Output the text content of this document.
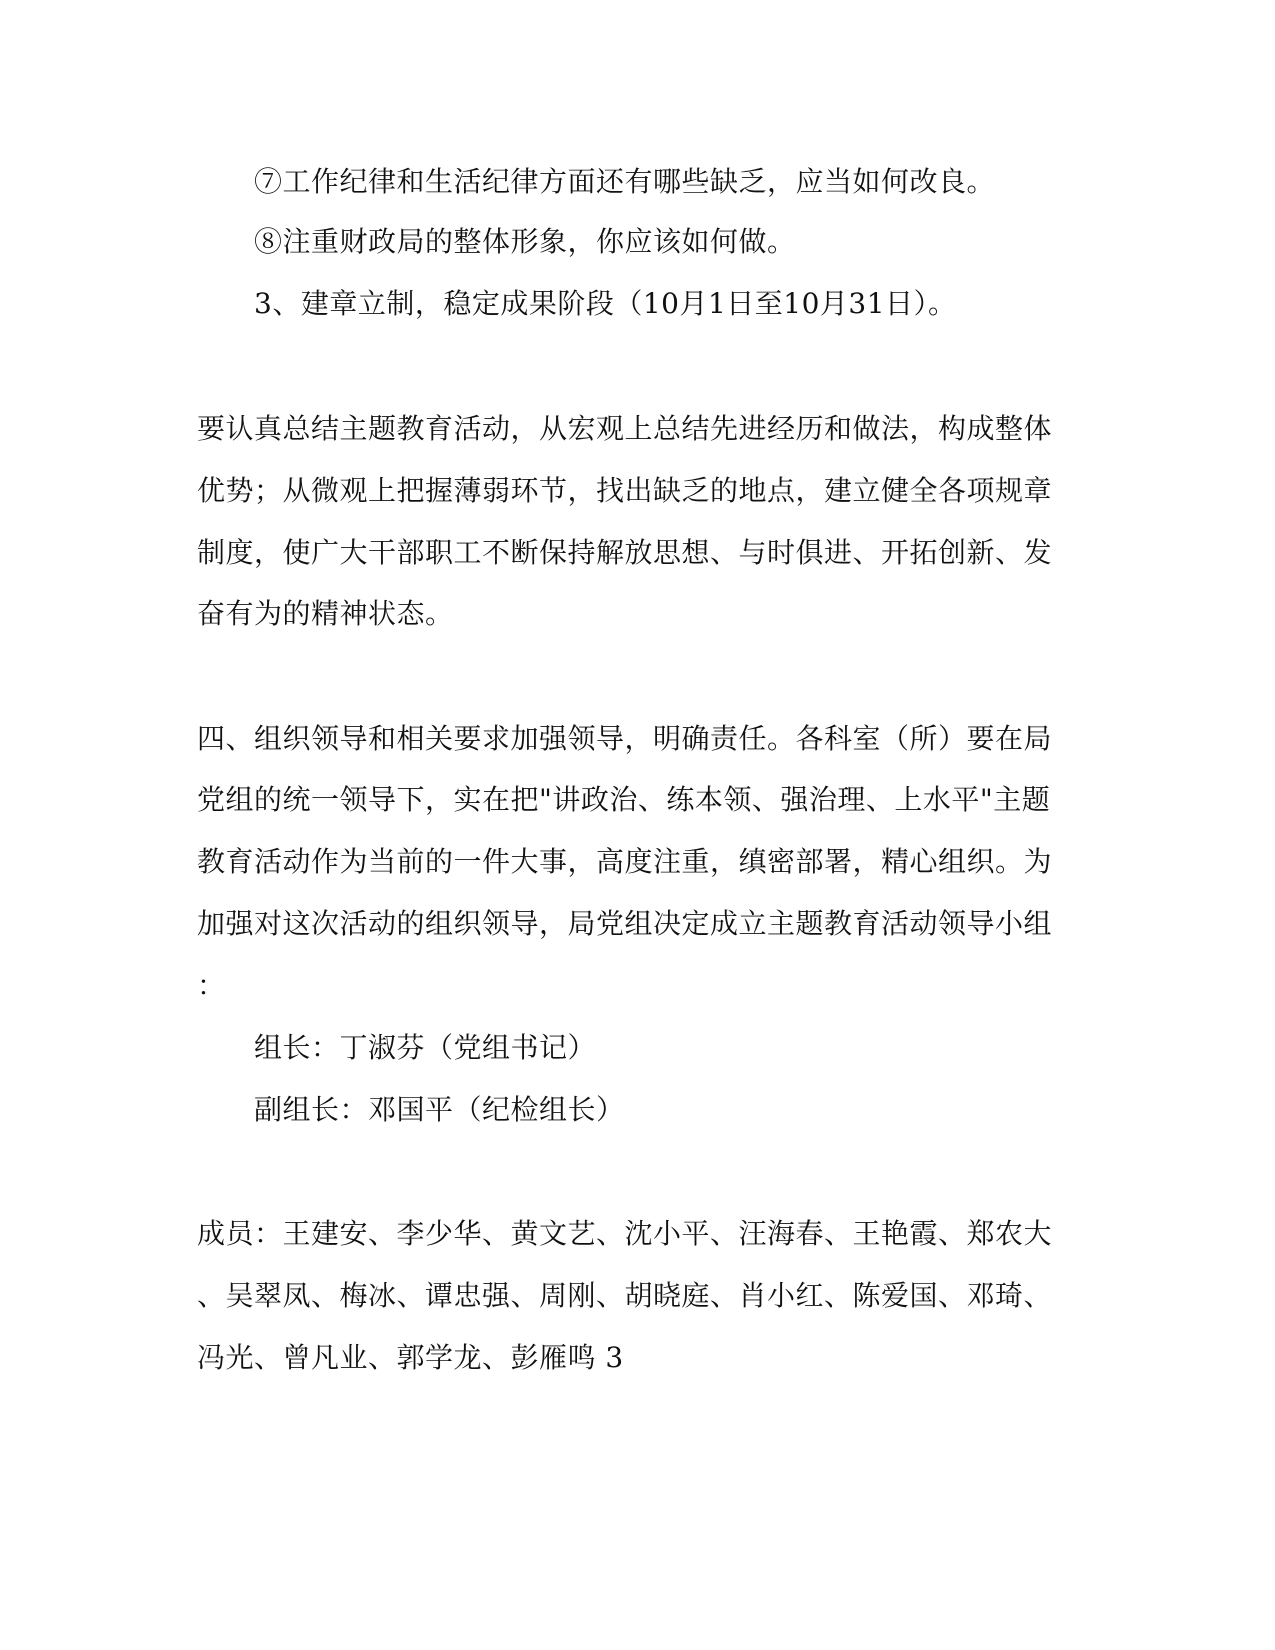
⑦工作纪律和生活纪律方面还有哪些缺乏，应当如何改良。
⑧注重财政局的整体形象，你应该如何做。
3、建章立制，稳定成果阶段（10月1日至10月31日）。
要认真总结主题教育活动，从宏观上总结先进经历和做法，构成整体
优势；从微观上把握薄弱环节，找出缺乏的地点，建立健全各项规章
制度，使广大干部职工不断保持解放思想、与时俱进、开拓创新、发
奋有为的精神状态。
四、组织领导和相关要求加强领导，明确责任。各科室（所）要在局
党组的统一领导下，实在把"讲政治、练本领、强治理、上水平"主题
教育活动作为当前的一件大事，高度注重，缜密部署，精心组织。为
加强对这次活动的组织领导，局党组决定成立主题教育活动领导小组
：
组长：丁淑芬（党组书记）
副组长：邓国平（纪检组长）
成员：王建安、李少华、黄文艺、沈小平、汪海春、王艳霞、郑农大
、吴翠凤、梅冰、谭忠强、周刚、胡晓庭、肖小红、陈爱国、邓琦、
冯光、曾凡业、郭学龙、彭雁鸣 3
